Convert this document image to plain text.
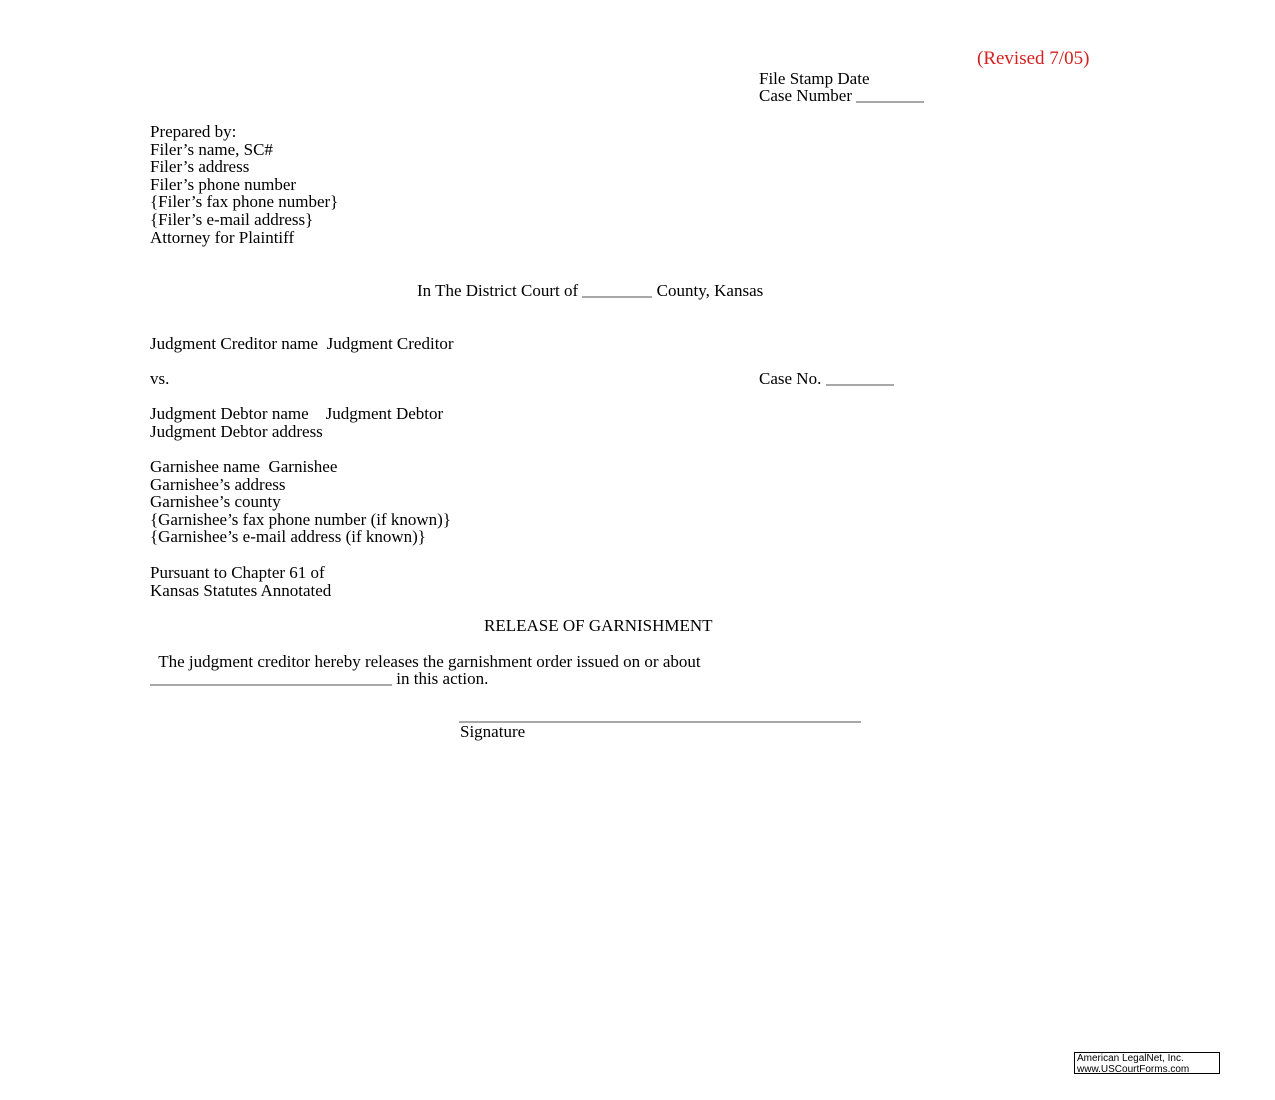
(Revised 7/05)
File Stamp Date
Case Number
Prepared by:
Filer’s name, SC#
Filer’s address
Filer’s phone number
{Filer’s fax phone number}
{Filer’s e-mail address}
Attorney for Plaintiff
In The District Court of	County, Kansas
Judgment Creditor name  Judgment Creditor
vs.	Case No.
Judgment Debtor name    Judgment Debtor
Judgment Debtor address
Garnishee name  Garnishee
Garnishee’s address
Garnishee’s county
{Garnishee’s fax phone number (if known)}
{Garnishee’s e-mail address (if known)}
Pursuant to Chapter 61 of
Kansas Statutes Annotated
RELEASE OF GARNISHMENT
The judgment creditor hereby releases the garnishment order issued on or about
in this action.
Signature
American LegalNet, Inc.
www.USCourtForms.com
